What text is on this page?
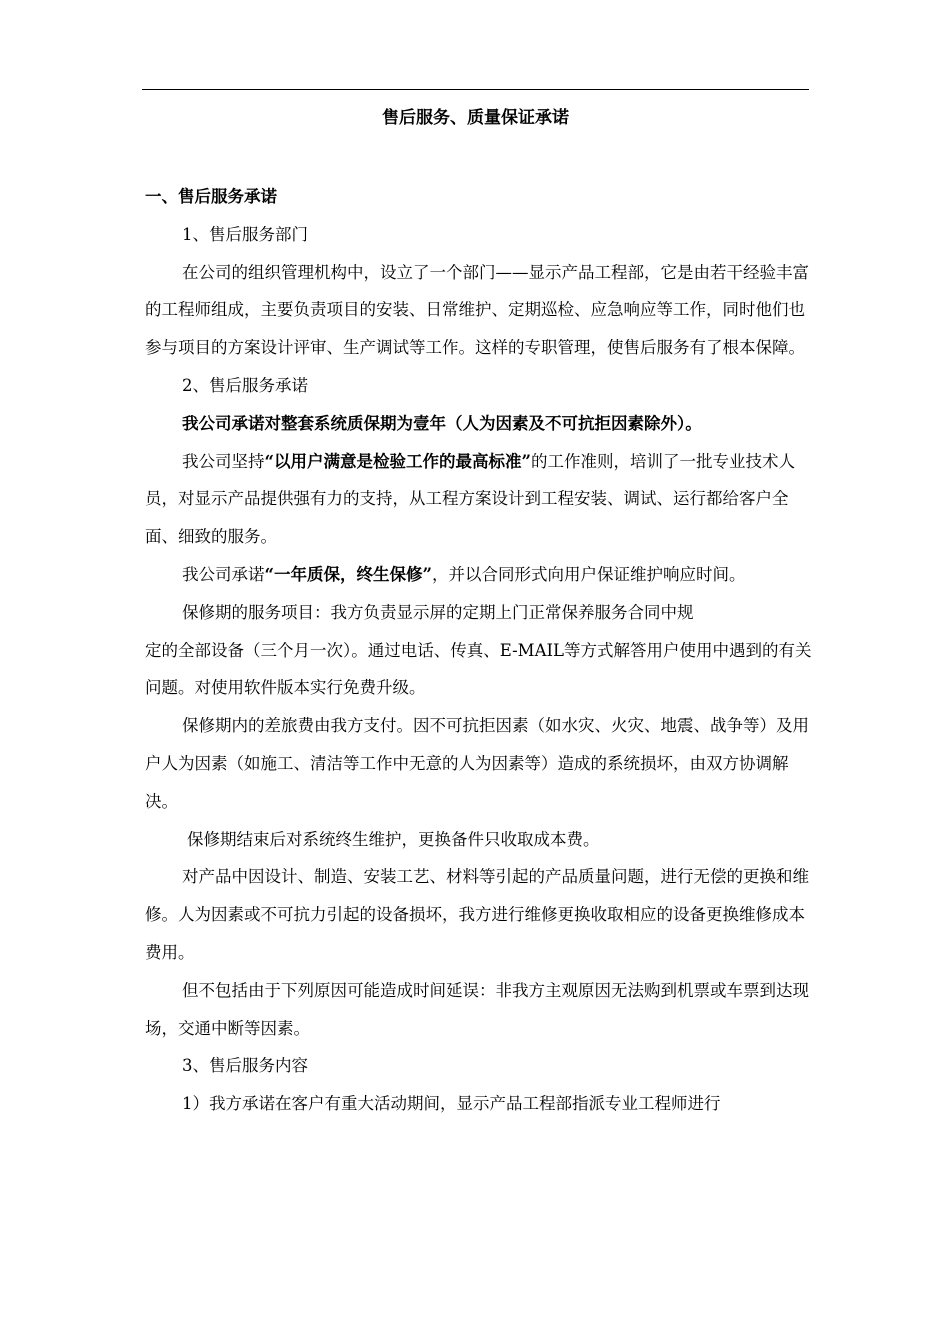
售后服务、质量保证承诺

一、售后服务承诺

1、售后服务部门

在公司的组织管理机构中，设立了一个部门——显示产品工程部，它是由若干经验丰富的工程师组成，主要负责项目的安装、日常维护、定期巡检、应急响应等工作，同时他们也参与项目的方案设计评审、生产调试等工作。这样的专职管理，使售后服务有了根本保障。

2、售后服务承诺

我公司承诺对整套系统质保期为壹年（人为因素及不可抗拒因素除外）。

我公司坚持“以用户满意是检验工作的最高标准”的工作准则，培训了一批专业技术人员，对显示产品提供强有力的支持，从工程方案设计到工程安装、调试、运行都给客户全面、细致的服务。

我公司承诺“一年质保，终生保修”，并以合同形式向用户保证维护响应时间。

保修期的服务项目：我方负责显示屏的定期上门正常保养服务合同中规
定的全部设备（三个月一次）。通过电话、传真、E-MAIL等方式解答用户使用中遇到的有关问题。对使用软件版本实行免费升级。

保修期内的差旅费由我方支付。因不可抗拒因素（如水灾、火灾、地震、战争等）及用户人为因素（如施工、清洁等工作中无意的人为因素等）造成的系统损坏，由双方协调解决。

保修期结束后对系统终生维护，更换备件只收取成本费。

对产品中因设计、制造、安装工艺、材料等引起的产品质量问题，进行无偿的更换和维修。人为因素或不可抗力引起的设备损坏，我方进行维修更换收取相应的设备更换维修成本费用。

但不包括由于下列原因可能造成时间延误：非我方主观原因无法购到机票或车票到达现场，交通中断等因素。

3、售后服务内容

1）我方承诺在客户有重大活动期间，显示产品工程部指派专业工程师进行
